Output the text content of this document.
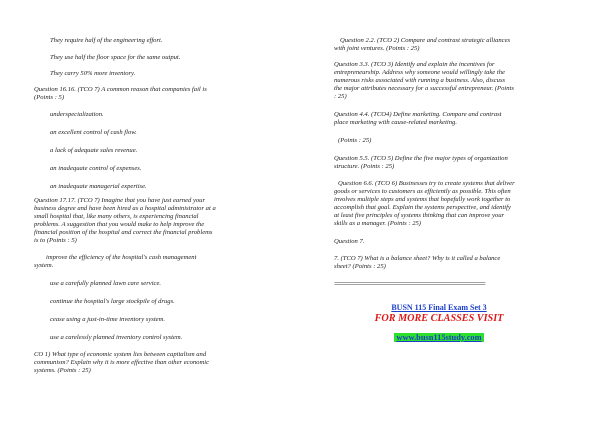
They require half of the engineering effort.

They use half the floor space for the same output.

They carry 50% more inventory.

Question 16.16. (TCO 7) A common reason that companies fail is

(Points : 5)

underspecialization.

an excellent control of cash flow.

a lack of adequate sales revenue.

an inadequate control of expenses.

an inadequate managerial expertise.

Question 17.17. (TCO 7) Imagine that you have just earned your

business degree and have been hired as a hospital administrator at a

small hospital that, like many others, is experiencing financial

problems. A suggestion that you would make to help improve the

financial position of the hospital and correct the financial problems

is to (Points : 5)

improve the efficiency of the hospital's cash management

system.

use a carefully planned lawn care service.

continue the hospital's large stockpile of drugs.

cease using a just-in-time inventory system.

use a carelessly planned inventory control system.

CO 1) What type of economic system lies between capitalism and

communism? Explain why it is more effective than other economic

systems. (Points : 25)

Question 2.2. (TCO 2) Compare and contrast strategic alliances

with joint ventures. (Points : 25)

Question 3.3. (TCO 3) Identify and explain the incentives for

entrepreneurship. Address why someone would willingly take the

numerous risks associated with running a business. Also, discuss

the major attributes necessary for a successful entrepreneur. (Points

: 25)

Question 4.4. (TCO4) Define marketing. Compare and contrast

place marketing with cause-related marketing.

(Points : 25)

Question 5.5. (TCO 5) Define the five major types of organization

structure. (Points : 25)

Question 6.6. (TCO 6) Businesses try to create systems that deliver

goods or services to customers as efficiently as possible. This often

involves multiple steps and systems that hopefully work together to

accomplish that goal. Explain the systems perspective, and identify

at least five principles of systems thinking that can improve your

skills as a manager. (Points : 25)

Question 7.

7. (TCO 7) What is a balance sheet? Why is it called a balance

sheet? (Points : 25)

=================================================
BUSN 115 Final Exam Set 3
FOR MORE CLASSES VISIT
www.busn115study.com
